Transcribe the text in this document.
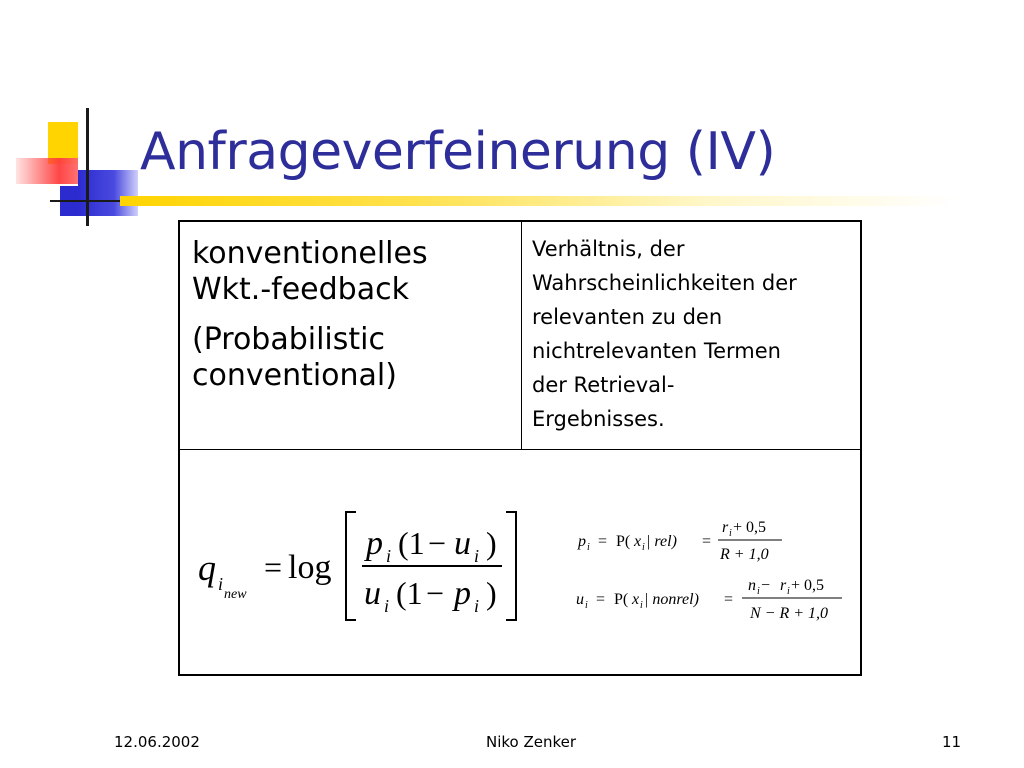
Anfrageverfeinerung (IV)
konventionelles
Wkt.-feedback
(Probabilistic
conventional)
Verhältnis, der
Wahrscheinlichkeiten der
relevanten zu den
nichtrelevanten Termen
der Retrieval-
Ergebnisses.
q i
new
= log
p i (1 − u i )
u i (1 − p i )
p i = P( x i | rel) =
r i + 0,5
R + 1,0
u i = P( x i | nonrel) =
n i − r i + 0,5
N − R + 1,0
12.06.2002	Niko Zenker	11
